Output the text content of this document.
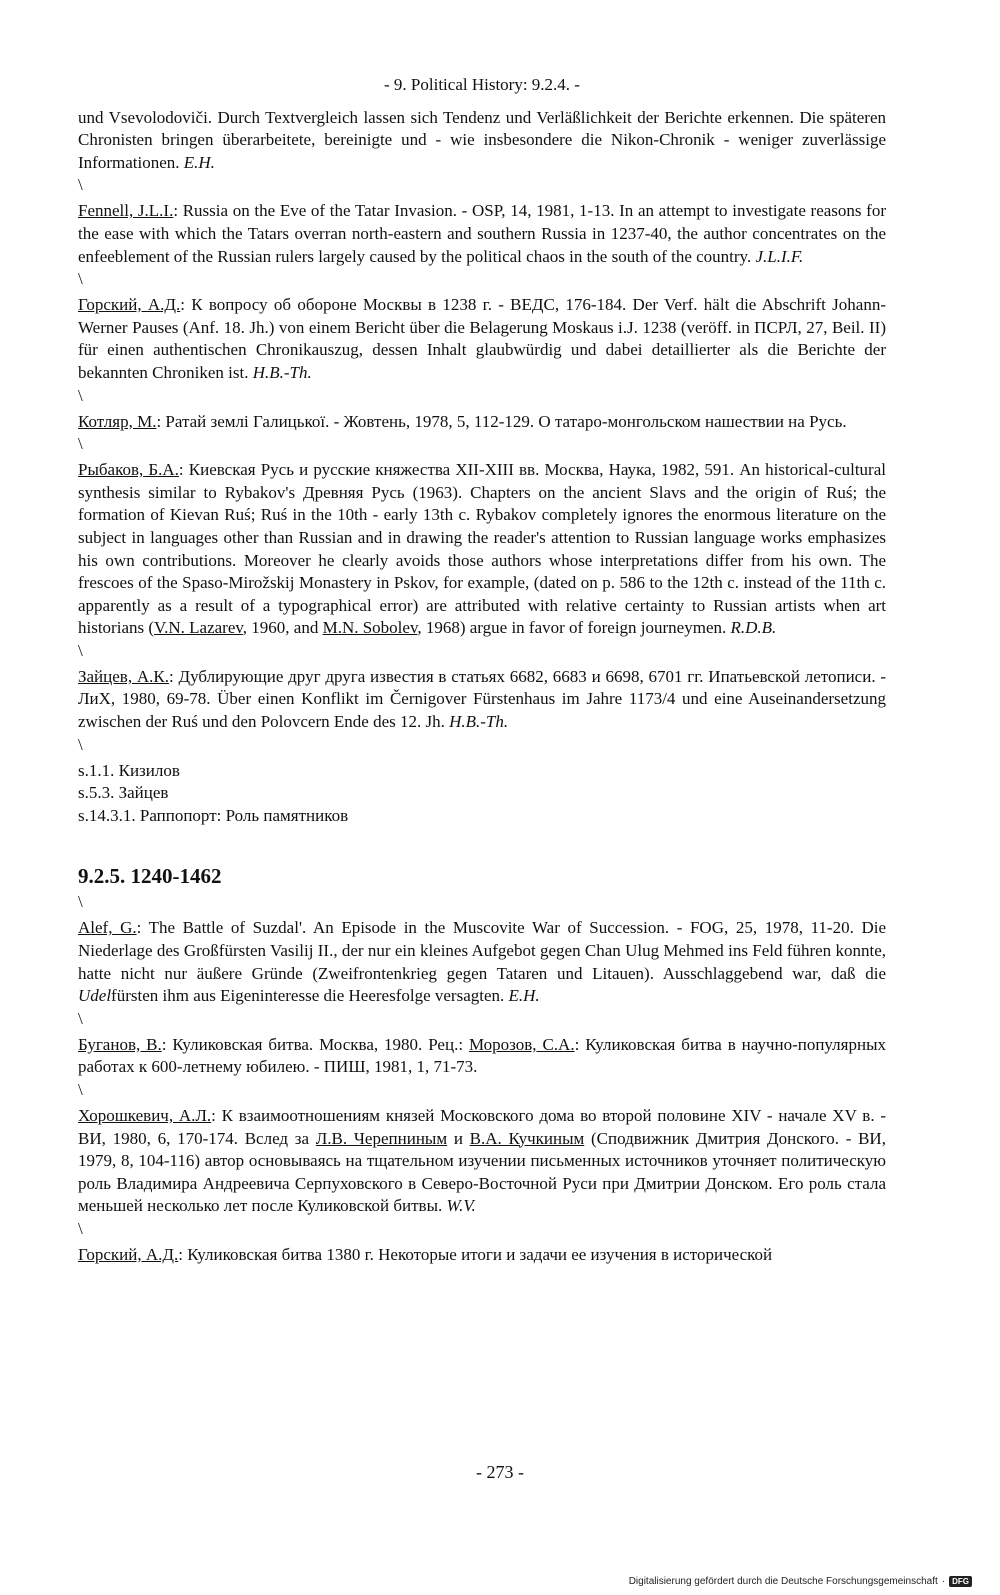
- 9. Political History: 9.2.4. -

und Vsevolodoviči. Durch Textvergleich lassen sich Tendenz und Verläßlichkeit der Berichte erkennen. Die späteren Chronisten bringen überarbeitete, bereinigte und - wie insbesondere die Nikon-Chronik - weniger zuverlässige Informationen. E.H.

\

Fennell, J.L.I.: Russia on the Eve of the Tatar Invasion. - OSP, 14, 1981, 1-13. In an attempt to investigate reasons for the ease with which the Tatars overran north-eastern and southern Russia in 1237-40, the author concentrates on the enfeeblement of the Russian rulers largely caused by the political chaos in the south of the country. J.L.I.F.

\

Горский, А.Д.: К вопросу об обороне Москвы в 1238 г. - ВЕДС, 176-184. Der Verf. hält die Abschrift Johann-Werner Pauses (Anf. 18. Jh.) von einem Bericht über die Belagerung Moskaus i.J. 1238 (veröff. in ПСРЛ, 27, Beil. II) für einen authentischen Chronikauszug, dessen Inhalt glaubwürdig und dabei detaillierter als die Berichte der bekannten Chroniken ist. H.B.-Th.

\

Котляр, М.: Ратай землі Галицької. - Жовтень, 1978, 5, 112-129. О татаро-монгольском нашествии на Русь.

\

Рыбаков, Б.А.: Киевская Русь и русские княжества XII-XIII вв. Москва, Наука, 1982, 591. An historical-cultural synthesis similar to Rybakov's Древняя Русь (1963). Chapters on the ancient Slavs and the origin of Ruś; the formation of Kievan Ruś; Ruś in the 10th - early 13th c. Rybakov completely ignores the enormous literature on the subject in languages other than Russian and in drawing the reader's attention to Russian language works emphasizes his own contributions. Moreover he clearly avoids those authors whose interpretations differ from his own. The frescoes of the Spaso-Mirožskij Monastery in Pskov, for example, (dated on p. 586 to the 12th c. instead of the 11th c. apparently as a result of a typographical error) are attributed with relative certainty to Russian artists when art historians (V.N. Lazarev, 1960, and M.N. Sobolev, 1968) argue in favor of foreign journeymen. R.D.B.

\

Зайцев, А.К.: Дублирующие друг друга известия в статьях 6682, 6683 и 6698, 6701 гг. Ипатьевской летописи. - ЛиХ, 1980, 69-78. Über einen Konflikt im Černigover Fürstenhaus im Jahre 1173/4 und eine Auseinandersetzung zwischen der Ruś und den Polovcern Ende des 12. Jh. H.B.-Th.

\
s.1.1. Кизилов
s.5.3. Зайцев
s.14.3.1. Раппопорт: Роль памятников
9.2.5. 1240-1462
\

Alef, G.: The Battle of Suzdal'. An Episode in the Muscovite War of Succession. - FOG, 25, 1978, 11-20. Die Niederlage des Großfürsten Vasilij II., der nur ein kleines Aufgebot gegen Chan Ulug Mehmed ins Feld führen konnte, hatte nicht nur äußere Gründe (Zweifrontenkrieg gegen Tataren und Litauen). Ausschlaggebend war, daß die Udelfürsten ihm aus Eigeninteresse die Heeresfolge versagten. E.H.

\

Буганов, В.: Куликовская битва. Москва, 1980. Рец.: Морозов, С.А.: Куликовская битва в научно-популярных работах к 600-летнему юбилею. - ПИШ, 1981, 1, 71-73.

\

Хорошкевич, А.Л.: К взаимоотношениям князей Московского дома во второй половине XIV - начале XV в. - ВИ, 1980, 6, 170-174. Вслед за Л.В. Черепниным и В.А. Кучкиным (Сподвижник Дмитрия Донского. - ВИ, 1979, 8, 104-116) автор основываясь на тщательном изучении письменных источников уточняет политическую роль Владимира Андреевича Серпуховского в Северо-Восточной Руси при Дмитрии Донском. Его роль стала меньшей несколько лет после Куликовской битвы. W.V.

\

Горский, А.Д.: Куликовская битва 1380 г. Некоторые итоги и задачи ее изучения в исторической

- 273 -
Digitalisierung gefördert durch die Deutsche Forschungsgemeinschaft · DFG
